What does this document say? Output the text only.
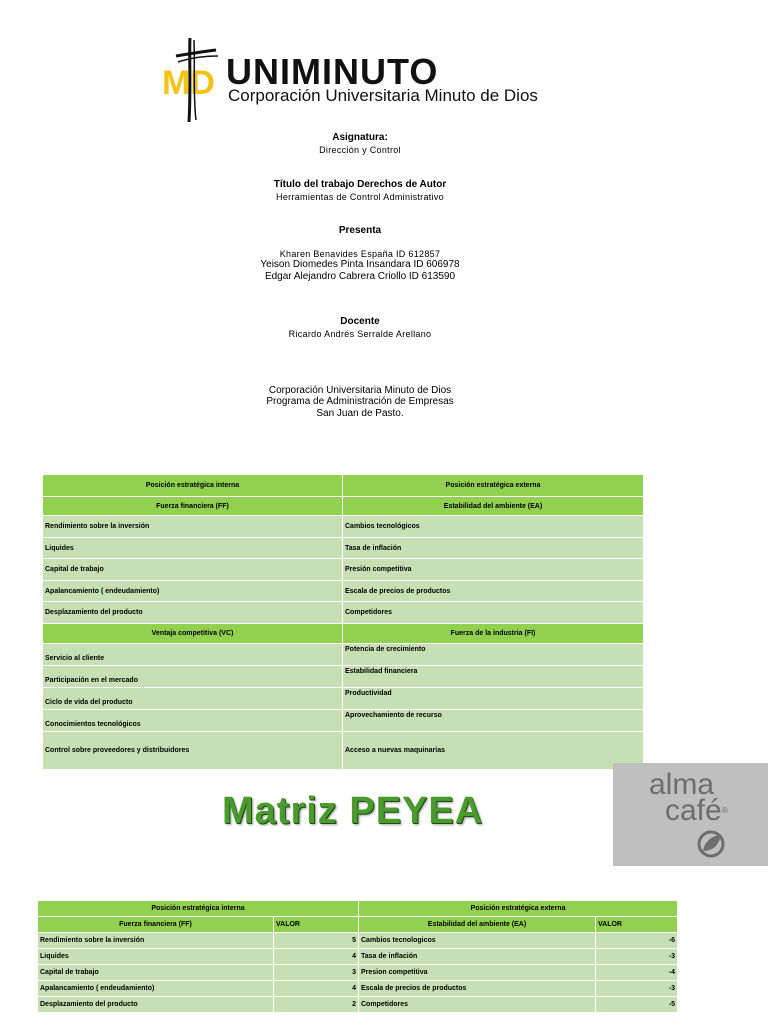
MD UNIMINUTO
Corporación Universitaria Minuto de Dios
Asignatura:
Dirección y Control
Título del trabajo Derechos de Autor
Herramientas de Control Administrativo
Presenta
Kharen Benavides España ID 612857
Yeison Diomedes Pinta Insandara ID 606978
Edgar Alejandro Cabrera Criollo ID 613590
Docente
Ricardo Andrés Serralde Arellano
Corporación Universitaria Minuto de Dios
Programa de Administración de Empresas
San Juan de Pasto.
Posición estratégica interna	Posición estratégica externa
Fuerza financiera (FF)	Estabilidad del ambiente (EA)
Rendimiento sobre la inversión	Cambios tecnológicos
Liquides	Tasa de inflación
Capital de trabajo	Presión competitiva
Apalancamiento ( endeudamiento)	Escala de precios de productos
Desplazamiento del producto	Competidores
Ventaja competitiva (VC)	Fuerza de la industria (FI)
Servicio al cliente	Potencia de crecimiento
Participación en el mercado	Estabilidad financiera
Ciclo de vida del producto	Productividad
Conocimientos tecnológicos	Aprovechamiento de recurso
Control sobre proveedores y distribuidores	Acceso a nuevas maquinarias
Matriz PEYEA
alma
café®
Posición estratégica interna		Posición estratégica externa	
Fuerza financiera (FF)	VALOR	Estabilidad del ambiente (EA)	VALOR
Rendimiento sobre la inversión	5	Cambios tecnologicos	-6
Liquides	4	Tasa de inflación	-3
Capital de trabajo	3	Presion competitiva	-4
Apalancamiento ( endeudamiento)	4	Escala de precios de productos	-3
Desplazamiento del producto	2	Competidores	-5
